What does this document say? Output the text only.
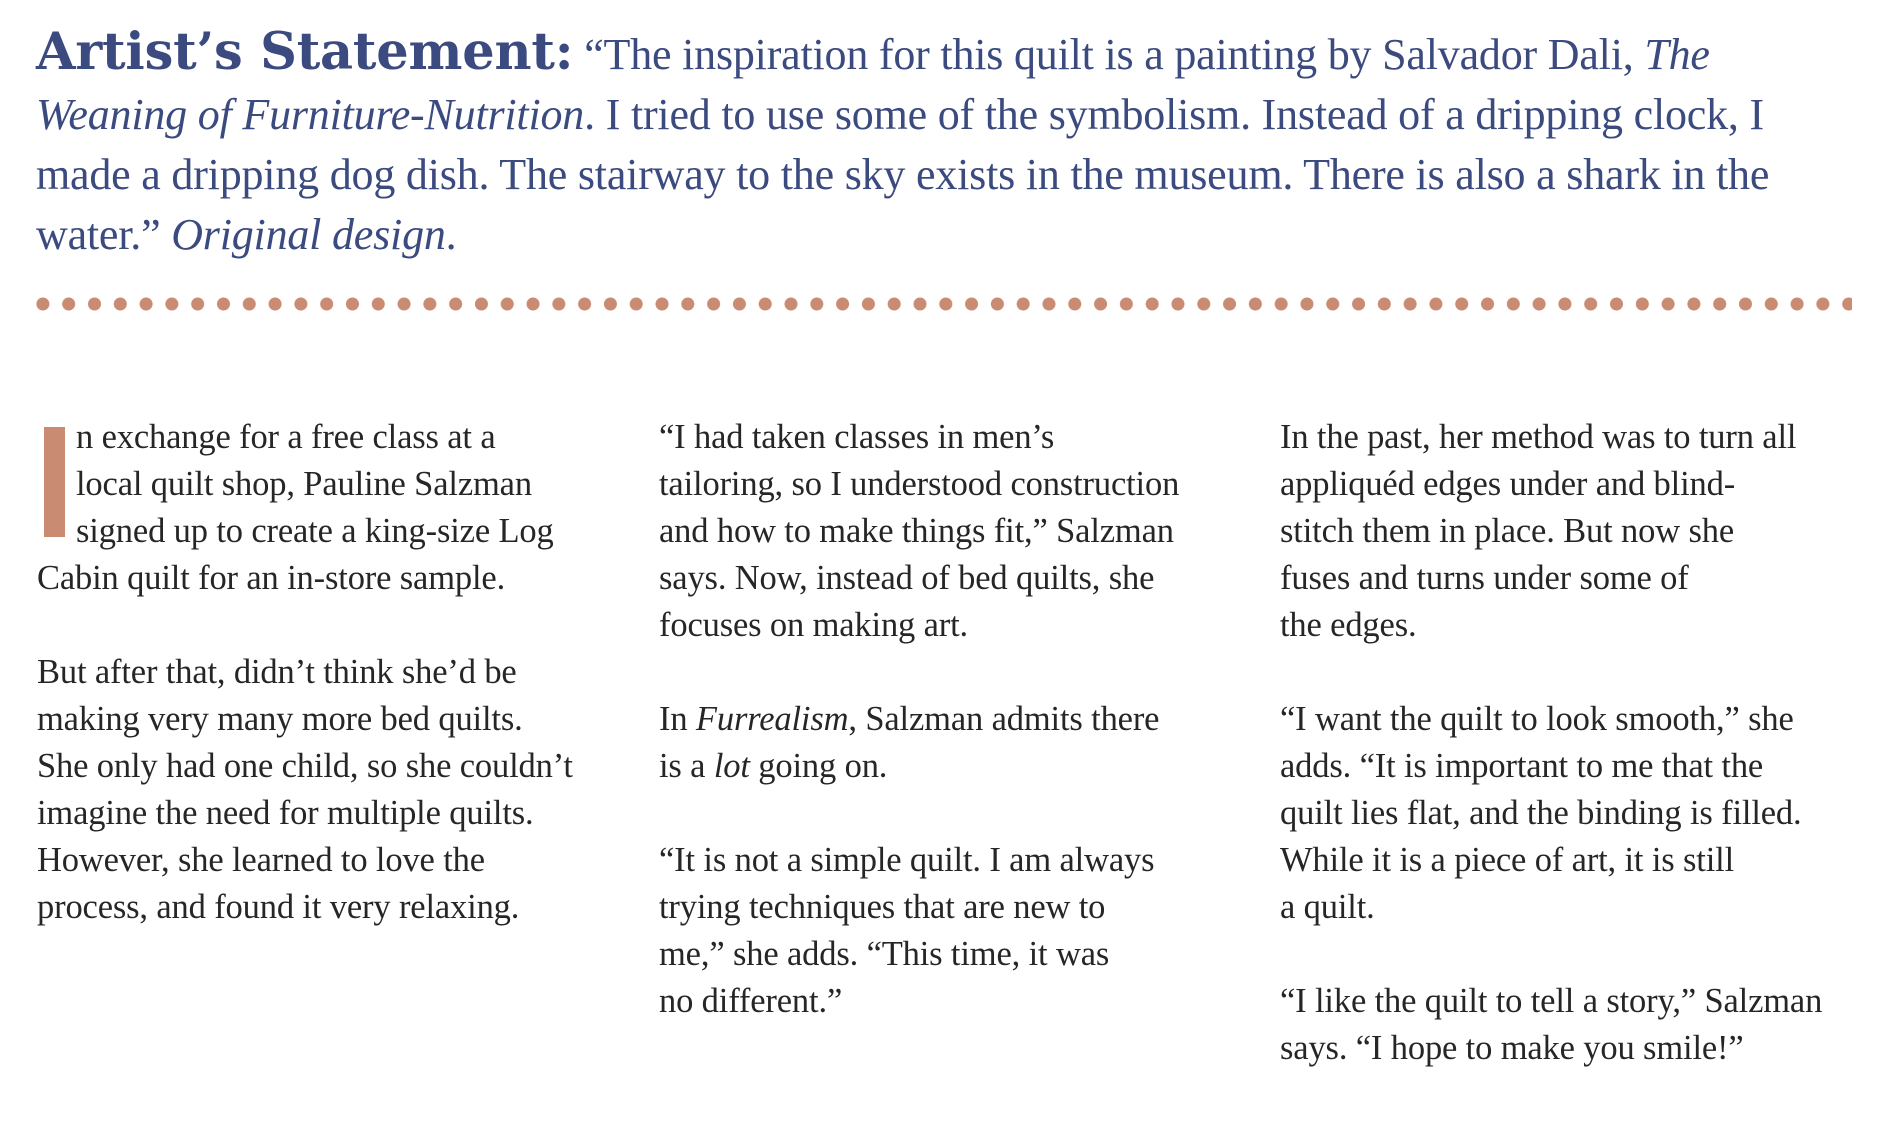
Artist’s Statement: “The inspiration for this quilt is a painting by Salvador Dali, The Weaning of Furniture-Nutrition. I tried to use some of the symbolism. Instead of a dripping clock, I made a dripping dog dish. The stairway to the sky exists in the museum. There is also a shark in the water.” Original design.

n exchange for a free class at a
local quilt shop, Pauline Salzman
signed up to create a king-size Log
Cabin quilt for an in-store sample.

But after that, didn’t think she’d be
making very many more bed quilts.
She only had one child, so she couldn’t
imagine the need for multiple quilts.
However, she learned to love the
process, and found it very relaxing.

“I had taken classes in men’s
tailoring, so I understood construction
and how to make things fit,” Salzman
says. Now, instead of bed quilts, she
focuses on making art.

In Furrealism, Salzman admits there
is a lot going on.

“It is not a simple quilt. I am always
trying techniques that are new to
me,” she adds. “This time, it was
no different.”

In the past, her method was to turn all
appliquéd edges under and blind-
stitch them in place. But now she
fuses and turns under some of
the edges.

“I want the quilt to look smooth,” she
adds. “It is important to me that the
quilt lies flat, and the binding is filled.
While it is a piece of art, it is still
a quilt.

“I like the quilt to tell a story,” Salzman
says. “I hope to make you smile!”
